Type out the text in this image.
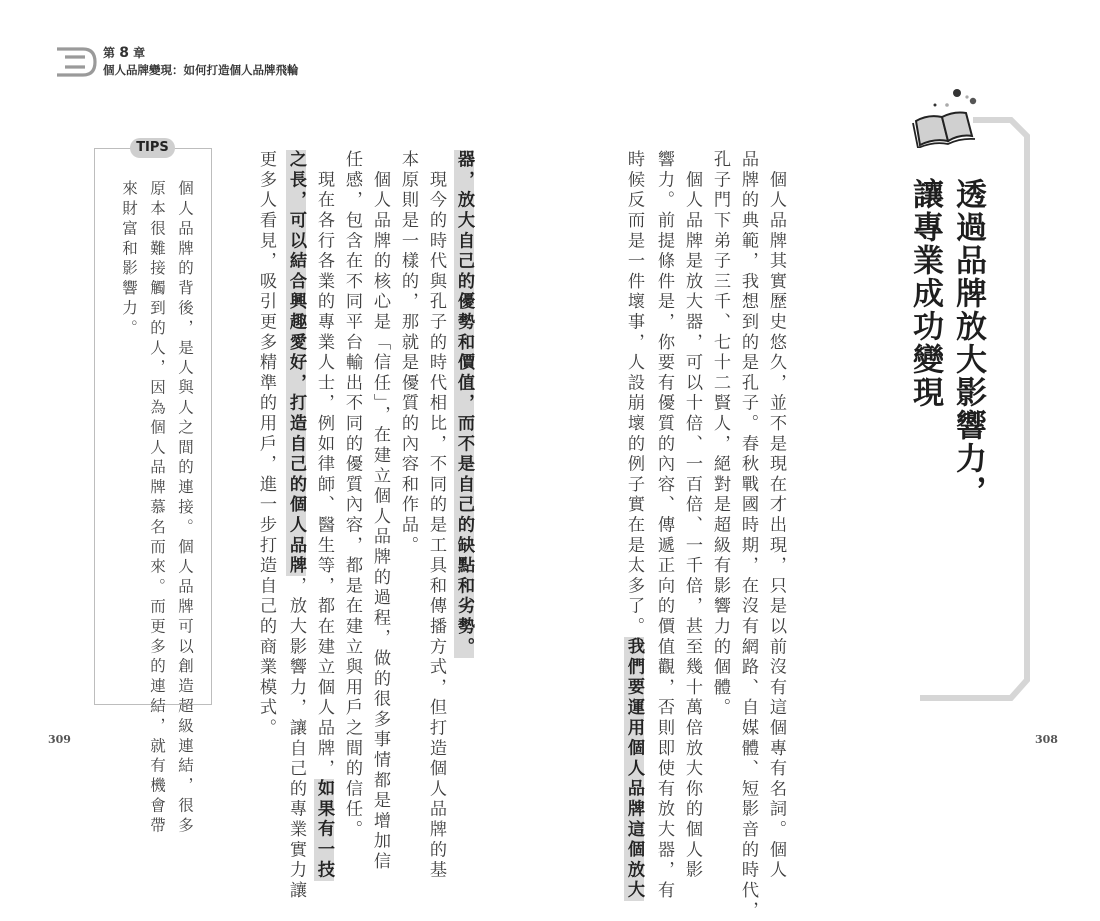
第 8 章
個人品牌變現：如何打造個人品牌飛輪
透過品牌放大影響力，
讓專業成功變現
　個人品牌其實歷史悠久，並不是現在才出現，只是以前沒有這個專有名詞。個人
品牌的典範，我想到的是孔子。春秋戰國時期，在沒有網路、自媒體、短影音的時代，
孔子門下弟子三千、七十二賢人，絕對是超級有影響力的個體。
　個人品牌是放大器，可以十倍、一百倍、一千倍，甚至幾十萬倍放大你的個人影
響力。前提條件是，你要有優質的內容、傳遞正向的價值觀，否則即使有放大器，有
時候反而是一件壞事，人設崩壞的例子實在是太多了。我們要運用個人品牌這個放大
器，放大自己的優勢和價值，而不是自己的缺點和劣勢。
　現今的時代與孔子的時代相比，不同的是工具和傳播方式，但打造個人品牌的基
本原則是一樣的，那就是優質的內容和作品。
　個人品牌的核心是「信任」，在建立個人品牌的過程，做的很多事情都是增加信
任感，包含在不同平台輸出不同的優質內容，都是在建立與用戶之間的信任。
　現在各行各業的專業人士，例如律師、醫生等，都在建立個人品牌，如果有一技
之長，可以結合興趣愛好，打造自己的個人品牌，放大影響力，讓自己的專業實力讓
更多人看見，吸引更多精準的用戶，進一步打造自己的商業模式。
TIPS
個人品牌的背後，是人與人之間的連接。個人品牌可以創造超級連結，很多
原本很難接觸到的人，因為個人品牌慕名而來。而更多的連結，就有機會帶
來財富和影響力。
309	308
